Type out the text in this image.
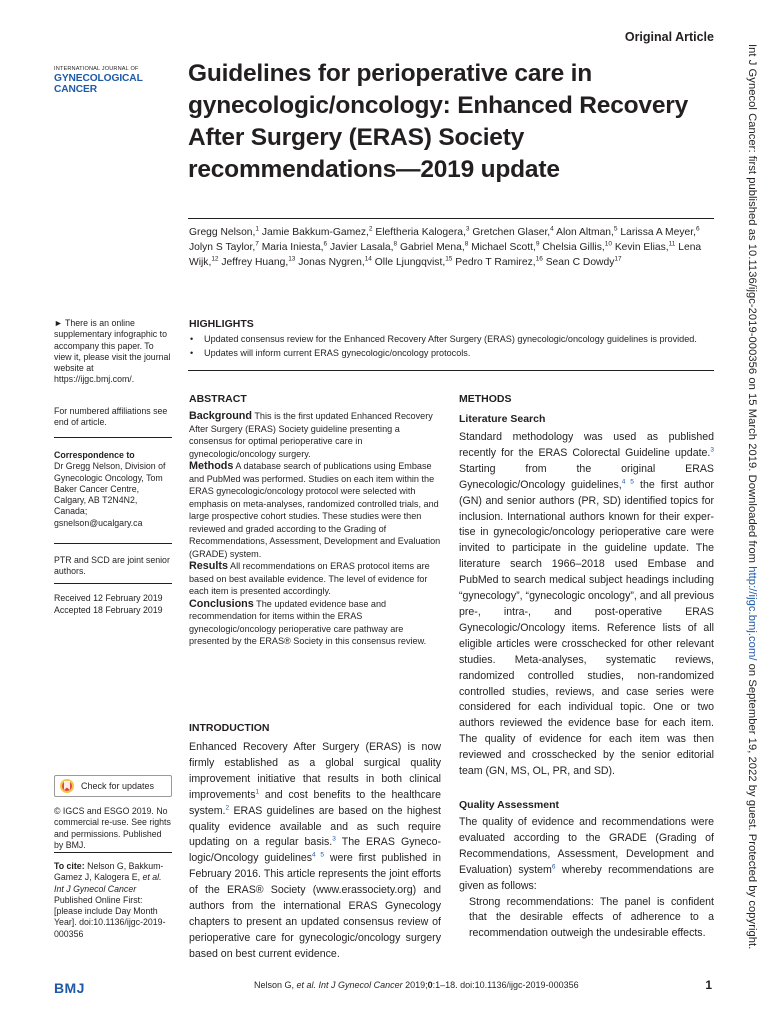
Original Article
INTERNATIONAL JOURNAL OF
GYNECOLOGICAL CANCER
Guidelines for perioperative care in gynecologic/oncology: Enhanced Recovery After Surgery (ERAS) Society recommendations—2019 update
Gregg Nelson,$^1$ Jamie Bakkum-Gamez,$^2$ Eleftheria Kalogera,$^3$ Gretchen Glaser,$^4$ Alon Altman,$^5$ Larissa A Meyer,$^6$ Jolyn S Taylor,$^7$ Maria Iniesta,$^6$ Javier Lasala,$^8$ Gabriel Mena,$^8$ Michael Scott,$^9$ Chelsia Gillis,$^{10}$ Kevin Elias,$^{11}$ Lena Wijk,$^{12}$ Jeffrey Huang,$^{13}$ Jonas Nygren,$^{14}$ Olle Ljungqvist,$^{15}$ Pedro T Ramirez,$^{16}$ Sean C Dowdy$^{17}$
► There is an online supplementary infographic to accompany this paper. To view it, please visit the journal website at https://ijgc.bmj.com/.
For numbered affiliations see end of article.
Correspondence to
Dr Gregg Nelson, Division of Gynecologic Oncology, Tom Baker Cancer Centre, Calgary, AB T2N4N2, Canada; gsnelson@ucalgary.ca
PTR and SCD are joint senior authors.
Received 12 February 2019
Accepted 18 February 2019
Check for updates
© IGCS and ESGO 2019. No commercial re-use. See rights and permissions. Published by BMJ.
To cite: Nelson G, Bakkum-Gamez J, Kalogera E, et al. Int J Gynecol Cancer Published Online First: [please include Day Month Year]. doi:10.1136/ijgc-2019-000356
HIGHLIGHTS
•	Updated consensus review for the Enhanced Recovery After Surgery (ERAS) gynecologic/oncology guidelines is provided.
•	Updates will inform current ERAS gynecologic/oncology protocols.
ABSTRACT
Background This is the first updated Enhanced Recovery After Surgery (ERAS) Society guideline presenting a consensus for optimal perioperative care in gynecologic/oncology surgery.
Methods A database search of publications using Embase and PubMed was performed. Studies on each item within the ERAS gynecologic/oncology protocol were selected with emphasis on meta-analyses, randomized controlled trials, and large prospective cohort studies. These studies were then reviewed and graded according to the Grading of Recommendations, Assessment, Development and Evaluation (GRADE) system.
Results All recommendations on ERAS protocol items are based on best available evidence. The level of evidence for each item is presented accordingly.
Conclusions The updated evidence base and recommendation for items within the ERAS gynecologic/oncology perioperative care pathway are presented by the ERAS® Society in this consensus review.
INTRODUCTION
Enhanced Recovery After Surgery (ERAS) is now firmly established as a global surgical quality improvement initiative that results in both clinical improvements$^1$ and cost benefits to the healthcare system.$^2$ ERAS guidelines are based on the highest quality evidence available and as such require updating on a regular basis.$^3$ The ERAS Gynecologic/Oncology guidelines$^{4 5}$ were first published in February 2016. This article represents the joint efforts of the ERAS® Society (www.erassociety.org) and authors from the international ERAS Gynecology chapters to present an updated consensus review of perioperative care for gynecologic/oncology surgery based on best current evidence.
METHODS
Literature Search
Standard methodology was used as published recently for the ERAS Colorectal Guideline update.$^3$ Starting from the original ERAS Gynecologic/Oncology guidelines,$^{4 5}$ the first author (GN) and senior authors (PR, SD) identified topics for inclusion. International authors known for their expertise in gynecologic/oncology perioperative care were invited to participate in the guideline update. The literature search 1966–2018 used Embase and PubMed to search medical subject headings including “gynecology”, “gynecologic oncology”, and all previous pre-, intra-, and post-operative ERAS Gynecologic/Oncology items. Reference lists of all eligible articles were crosschecked for other relevant studies. Meta-analyses, systematic reviews, randomized controlled studies, non-randomized controlled studies, reviews, and case series were considered for each individual topic. One or two authors reviewed the evidence base for each item. The quality of evidence for each item was then reviewed and crosschecked by the senior editorial team (GN, MS, OL, PR, and SD).
Quality Assessment
The quality of evidence and recommendations were evaluated according to the GRADE (Grading of Recommendations, Assessment, Development and Evaluation) system$^6$ whereby recommendations are given as follows:
Strong recommendations: The panel is confident that the desirable effects of adherence to a recommendation outweigh the undesirable effects.
BMJ	Nelson G, et al. Int J Gynecol Cancer 2019;0:1–18. doi:10.1136/ijgc-2019-000356	1
Int J Gynecol Cancer: first published as 10.1136/ijgc-2019-000356 on 15 March 2019. Downloaded from http://ijgc.bmj.com/ on September 19, 2022 by guest. Protected by copyright.
